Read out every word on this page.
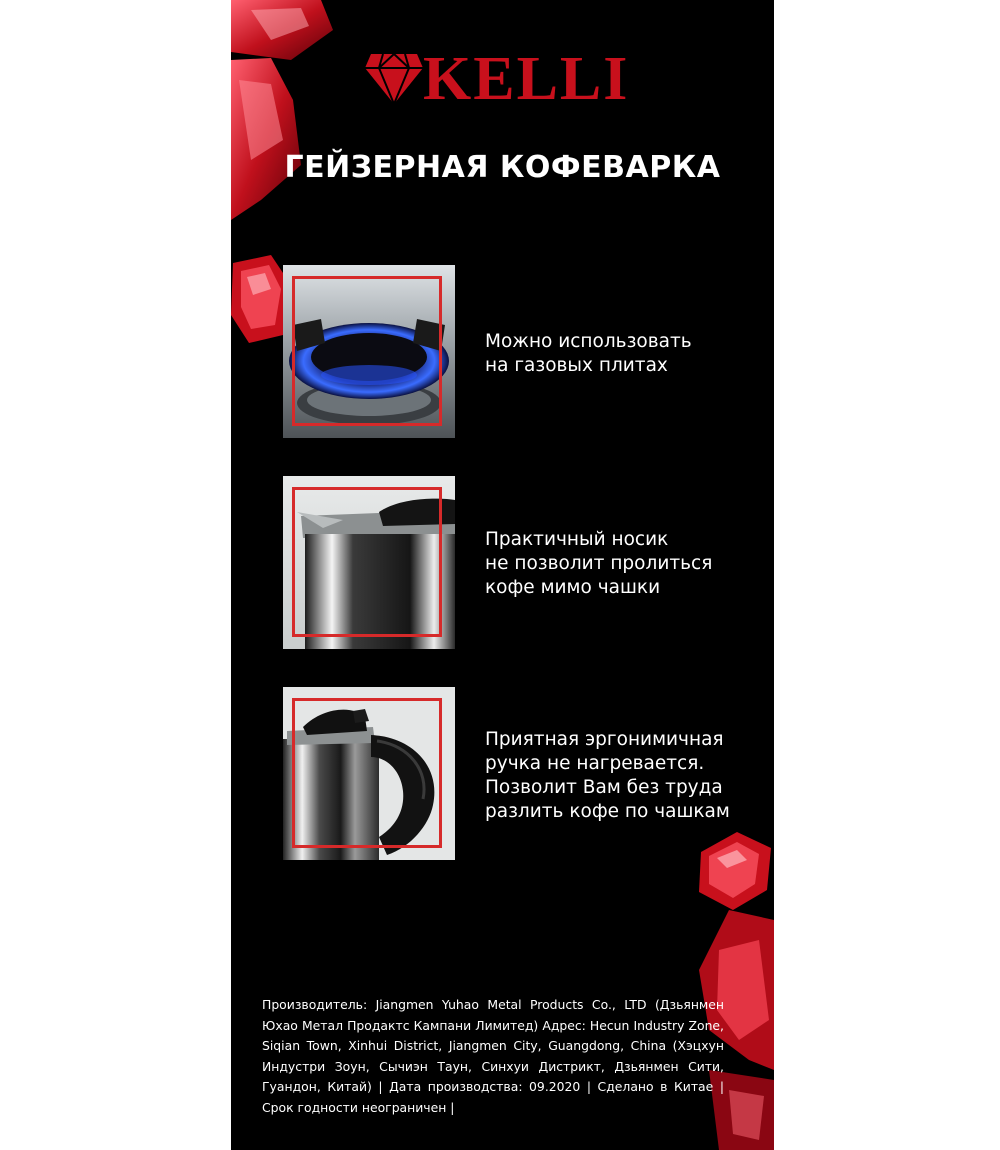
KELLI
ГЕЙЗЕРНАЯ КОФЕВАРКА
Можно использовать
на газовых плитах
Практичный носик
не позволит пролиться
кофе мимо чашки
Приятная эргонимичная
ручка не нагревается.
Позволит Вам без труда
разлить кофе по чашкам
Производитель: Jiangmen Yuhao Metal Products Co., LTD (Дзьянмен Юхао Метал Продактс Кампани Лимитед) Адрес: Hecun Industry Zone, Siqian Town, Xinhui District, Jiangmen City, Guangdong, China (Хэцхун Индустри Зоун, Сычиэн Таун, Синхуи Дистрикт, Дзьянмен Сити, Гуандон, Китай) | Дата производства: 09.2020 | Сделано в Китае | Срок годности неограничен |
